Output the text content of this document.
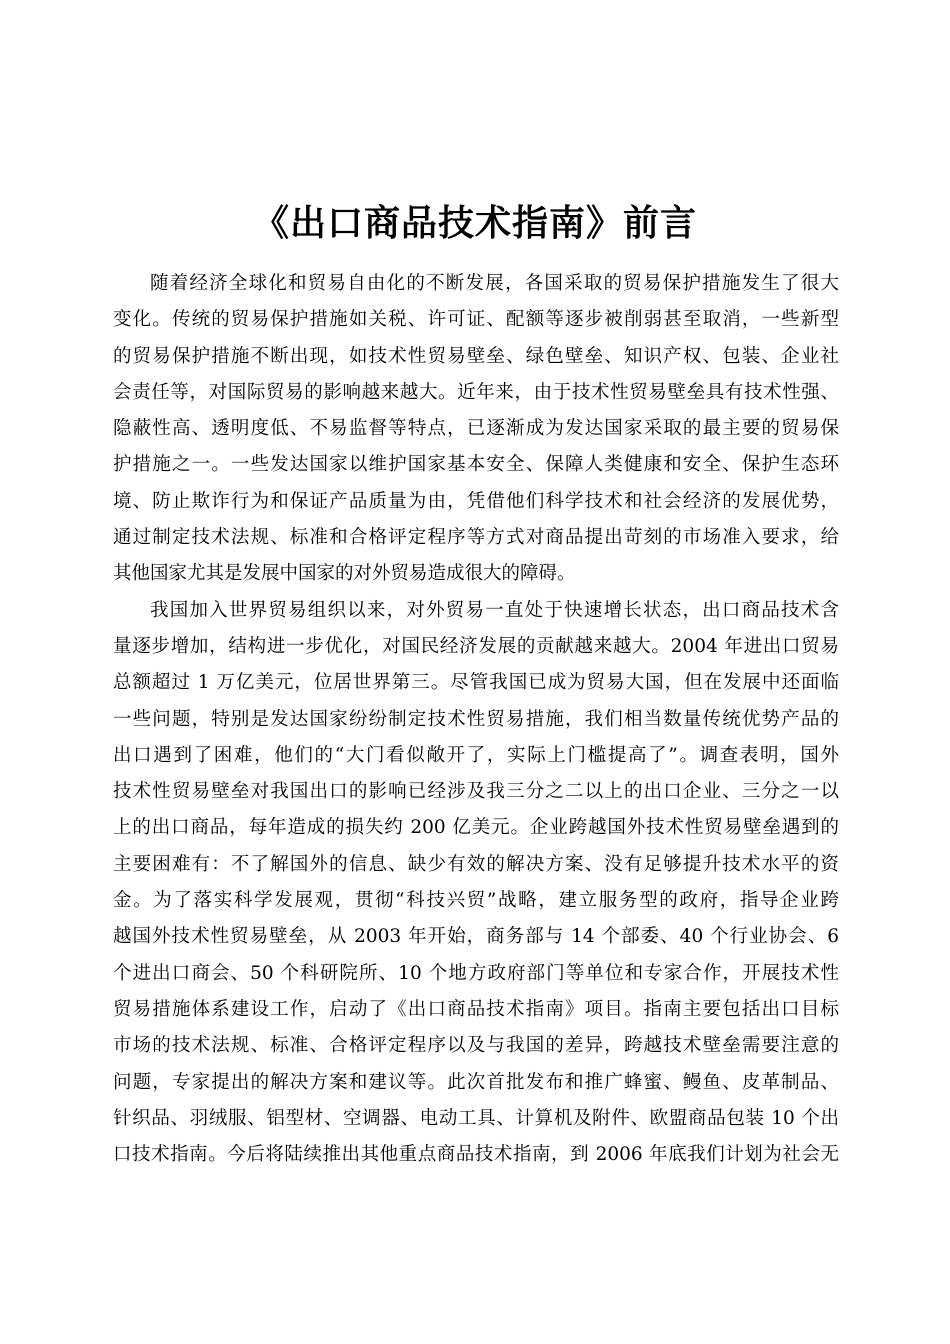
《出口商品技术指南》前言
随着经济全球化和贸易自由化的不断发展，各国采取的贸易保护措施发生了很大
变化。传统的贸易保护措施如关税、许可证、配额等逐步被削弱甚至取消，一些新型
的贸易保护措施不断出现，如技术性贸易壁垒、绿色壁垒、知识产权、包装、企业社
会责任等，对国际贸易的影响越来越大。近年来，由于技术性贸易壁垒具有技术性强、
隐蔽性高、透明度低、不易监督等特点，已逐渐成为发达国家采取的最主要的贸易保
护措施之一。一些发达国家以维护国家基本安全、保障人类健康和安全、保护生态环
境、防止欺诈行为和保证产品质量为由，凭借他们科学技术和社会经济的发展优势，
通过制定技术法规、标准和合格评定程序等方式对商品提出苛刻的市场准入要求，给
其他国家尤其是发展中国家的对外贸易造成很大的障碍。
我国加入世界贸易组织以来，对外贸易一直处于快速增长状态，出口商品技术含
量逐步增加，结构进一步优化，对国民经济发展的贡献越来越大。2004 年进出口贸易
总额超过 1 万亿美元，位居世界第三。尽管我国已成为贸易大国，但在发展中还面临
一些问题，特别是发达国家纷纷制定技术性贸易措施，我们相当数量传统优势产品的
出口遇到了困难，他们的“大门看似敞开了，实际上门槛提高了”。调查表明，国外
技术性贸易壁垒对我国出口的影响已经涉及我三分之二以上的出口企业、三分之一以
上的出口商品，每年造成的损失约 200 亿美元。企业跨越国外技术性贸易壁垒遇到的
主要困难有：不了解国外的信息、缺少有效的解决方案、没有足够提升技术水平的资
金。为了落实科学发展观，贯彻“科技兴贸”战略，建立服务型的政府，指导企业跨
越国外技术性贸易壁垒，从 2003 年开始，商务部与 14 个部委、40 个行业协会、6
个进出口商会、50 个科研院所、10 个地方政府部门等单位和专家合作，开展技术性
贸易措施体系建设工作，启动了《出口商品技术指南》项目。指南主要包括出口目标
市场的技术法规、标准、合格评定程序以及与我国的差异，跨越技术壁垒需要注意的
问题，专家提出的解决方案和建议等。此次首批发布和推广蜂蜜、鳗鱼、皮革制品、
针织品、羽绒服、铝型材、空调器、电动工具、计算机及附件、欧盟商品包装 10 个出
口技术指南。今后将陆续推出其他重点商品技术指南，到 2006 年底我们计划为社会无
